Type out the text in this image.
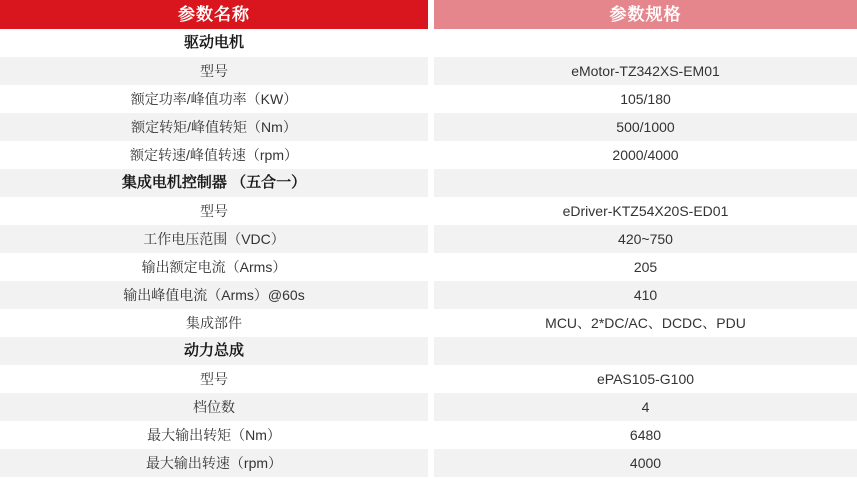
参数名称	参数规格
驱动电机
型号	eMotor-TZ342XS-EM01
额定功率/峰值功率（KW）	105/180
额定转矩/峰值转矩（Nm）	500/1000
额定转速/峰值转速（rpm）	2000/4000
集成电机控制器 （五合一）
型号	eDriver-KTZ54X20S-ED01
工作电压范围（VDC）	420~750
输出额定电流（Arms）	205
输出峰值电流（Arms）@60s	410
集成部件	MCU、2*DC/AC、DCDC、PDU
动力总成
型号	ePAS105-G100
档位数	4
最大输出转矩（Nm）	6480
最大输出转速（rpm）	4000
